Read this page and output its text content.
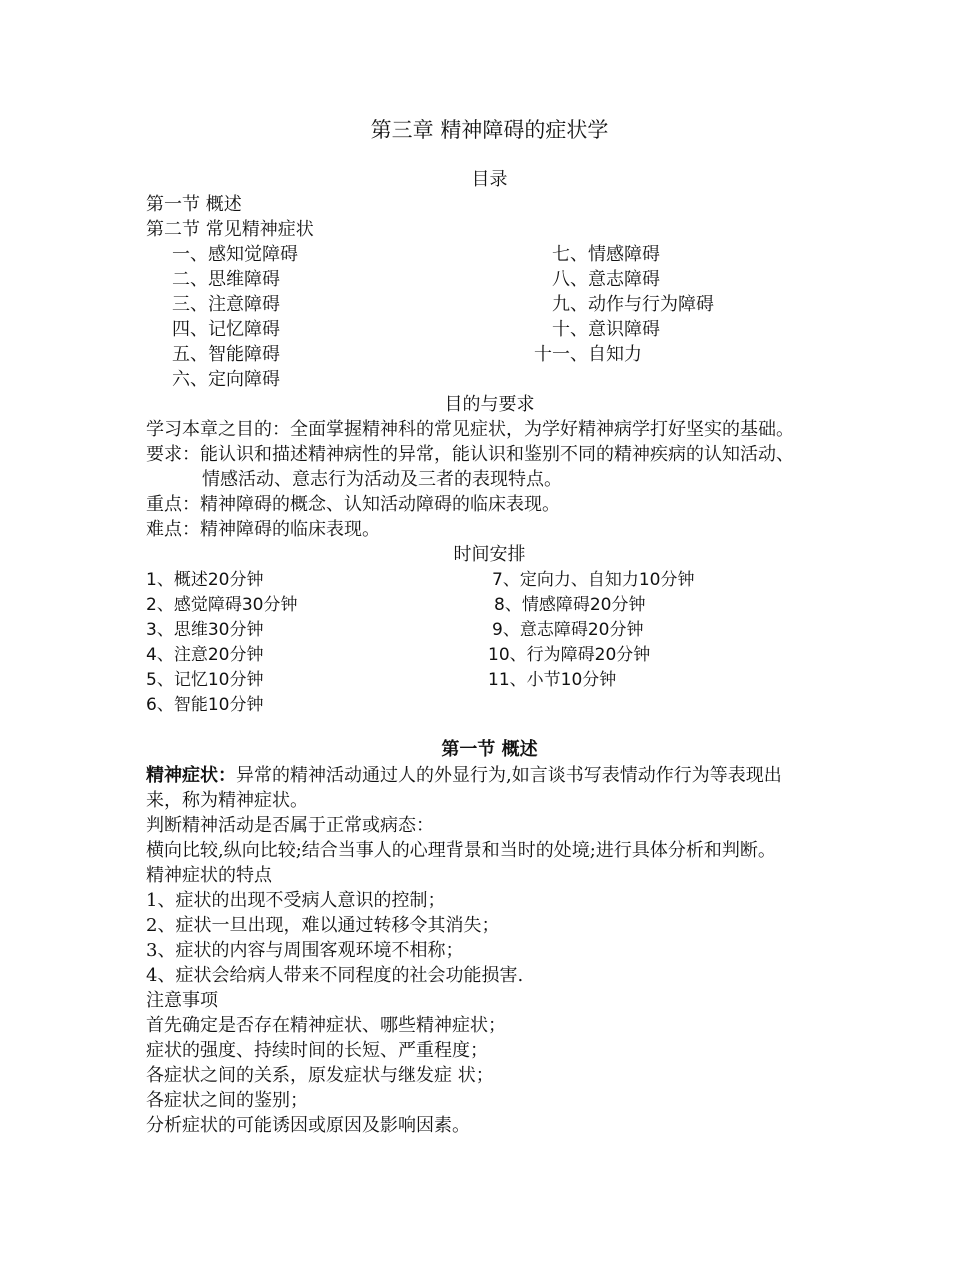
第三章 精神障碍的症状学
目录
第一节 概述
第二节 常见精神症状
一、感知觉障碍
二、思维障碍
三、注意障碍
四、记忆障碍
五、智能障碍
六、定向障碍
七、情感障碍
八、意志障碍
九、动作与行为障碍
十、意识障碍
十一、自知力
目的与要求
学习本章之目的：全面掌握精神科的常见症状，为学好精神病学打好坚实的基础。
要求：能认识和描述精神病性的异常，能认识和鉴别不同的精神疾病的认知活动、
情感活动、意志行为活动及三者的表现特点。
重点：精神障碍的概念、认知活动障碍的临床表现。
难点：精神障碍的临床表现。
时间安排
1、概述20分钟
2、感觉障碍30分钟
3、思维30分钟
4、注意20分钟
5、记忆10分钟
6、智能10分钟
7、定向力、自知力10分钟
8、情感障碍20分钟
9、意志障碍20分钟
10、行为障碍20分钟
11、小节10分钟
第一节 概述
精神症状：异常的精神活动通过人的外显行为,如言谈书写表情动作行为等表现出
来，称为精神症状。
判断精神活动是否属于正常或病态：
横向比较,纵向比较;结合当事人的心理背景和当时的处境;进行具体分析和判断。
精神症状的特点
1、症状的出现不受病人意识的控制；
2、症状一旦出现，难以通过转移令其消失；
3、症状的内容与周围客观环境不相称；
4、症状会给病人带来不同程度的社会功能损害.
注意事项
首先确定是否存在精神症状、哪些精神症状；
症状的强度、持续时间的长短、严重程度；
各症状之间的关系，原发症状与继发症 状；
各症状之间的鉴别；
分析症状的可能诱因或原因及影响因素。
